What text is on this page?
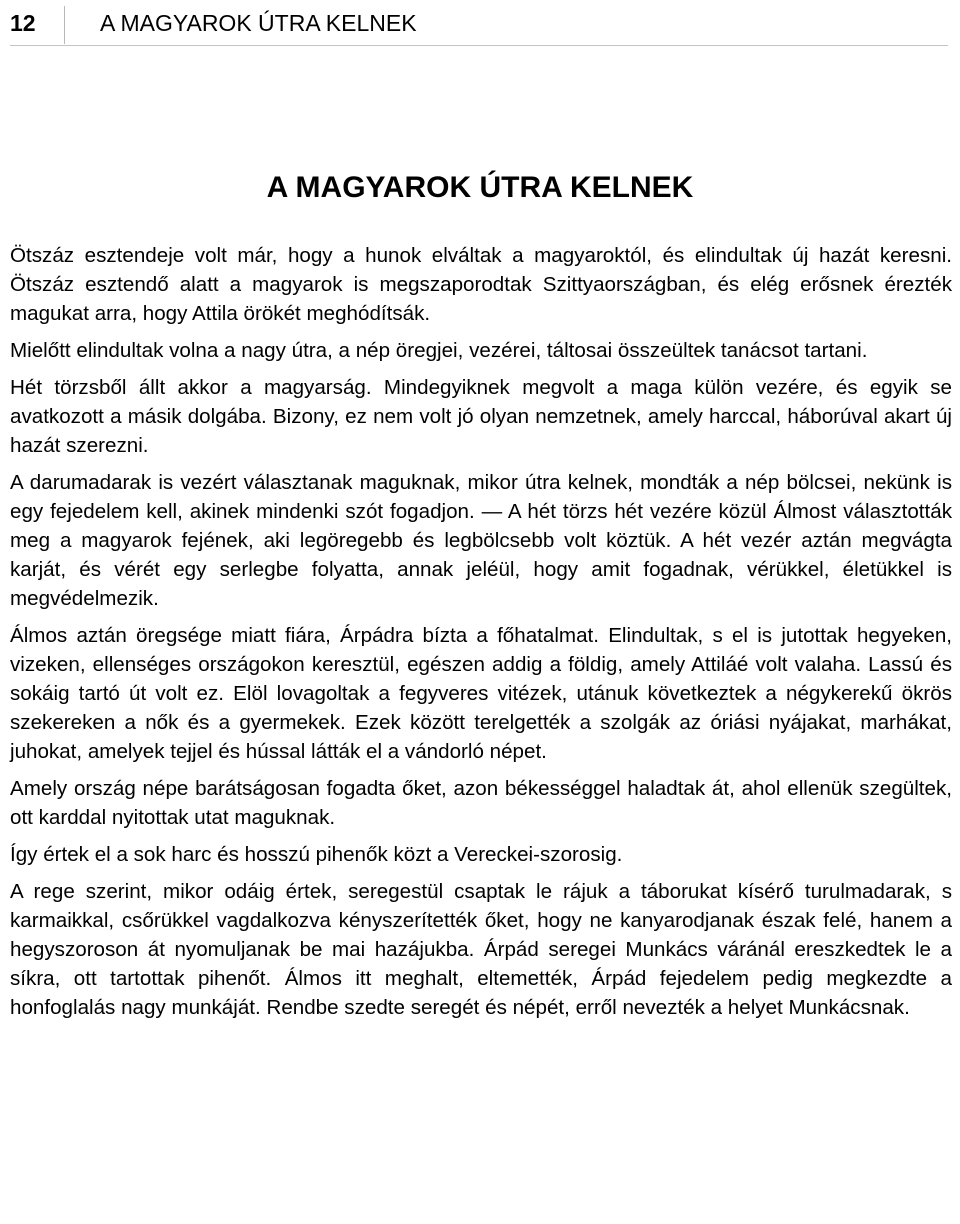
12	A MAGYAROK ÚTRA KELNEK
A MAGYAROK ÚTRA KELNEK

Ötszáz esztendeje volt már, hogy a hunok elváltak a magyaroktól, és elindultak új hazát keresni. Ötszáz esztendő alatt a magyarok is megszaporodtak Szittyaországban, és elég erősnek érezték magukat arra, hogy Attila örökét meghódítsák.

Mielőtt elindultak volna a nagy útra, a nép öregjei, vezérei, táltosai összeültek tanácsot tartani.

Hét törzsből állt akkor a magyarság. Mindegyiknek megvolt a maga külön vezére, és egyik se avatkozott a másik dolgába. Bizony, ez nem volt jó olyan nemzetnek, amely harccal, háborúval akart új hazát szerezni.

A darumadarak is vezért választanak maguknak, mikor útra kelnek, mondták a nép bölcsei, nekünk is egy fejedelem kell, akinek mindenki szót fogadjon. ― A hét törzs hét vezére közül Álmost választották meg a magyarok fejének, aki legöregebb és legbölcsebb volt köztük. A hét vezér aztán megvágta karját, és vérét egy serlegbe folyatta, annak jeléül, hogy amit fogadnak, vérükkel, életükkel is megvédelmezik.

Álmos aztán öregsége miatt fiára, Árpádra bízta a főhatalmat. Elindultak, s el is jutottak hegyeken, vizeken, ellenséges országokon keresztül, egészen addig a földig, amely Attiláé volt valaha. Lassú és sokáig tartó út volt ez. Elöl lovagoltak a fegyveres vitézek, utánuk következtek a négykerekű ökrös szekereken a nők és a gyermekek. Ezek között terelgették a szolgák az óriási nyájakat, marhákat, juhokat, amelyek tejjel és hússal látták el a vándorló népet.

Amely ország népe barátságosan fogadta őket, azon békességgel haladtak át, ahol ellenük szegültek, ott karddal nyitottak utat maguknak.

Így értek el a sok harc és hosszú pihenők közt a Vereckei-szorosig.

A rege szerint, mikor odáig értek, seregestül csaptak le rájuk a táborukat kísérő turulmadarak, s karmaikkal, csőrükkel vagdalkozva kényszerítették őket, hogy ne kanyarodjanak észak felé, hanem a hegyszoroson át nyomuljanak be mai hazájukba. Árpád seregei Munkács váránál ereszkedtek le a síkra, ott tartottak pihenőt. Álmos itt meghalt, eltemették, Árpád fejedelem pedig megkezdte a honfoglalás nagy munkáját. Rendbe szedte seregét és népét, erről nevezték a helyet Munkácsnak.
